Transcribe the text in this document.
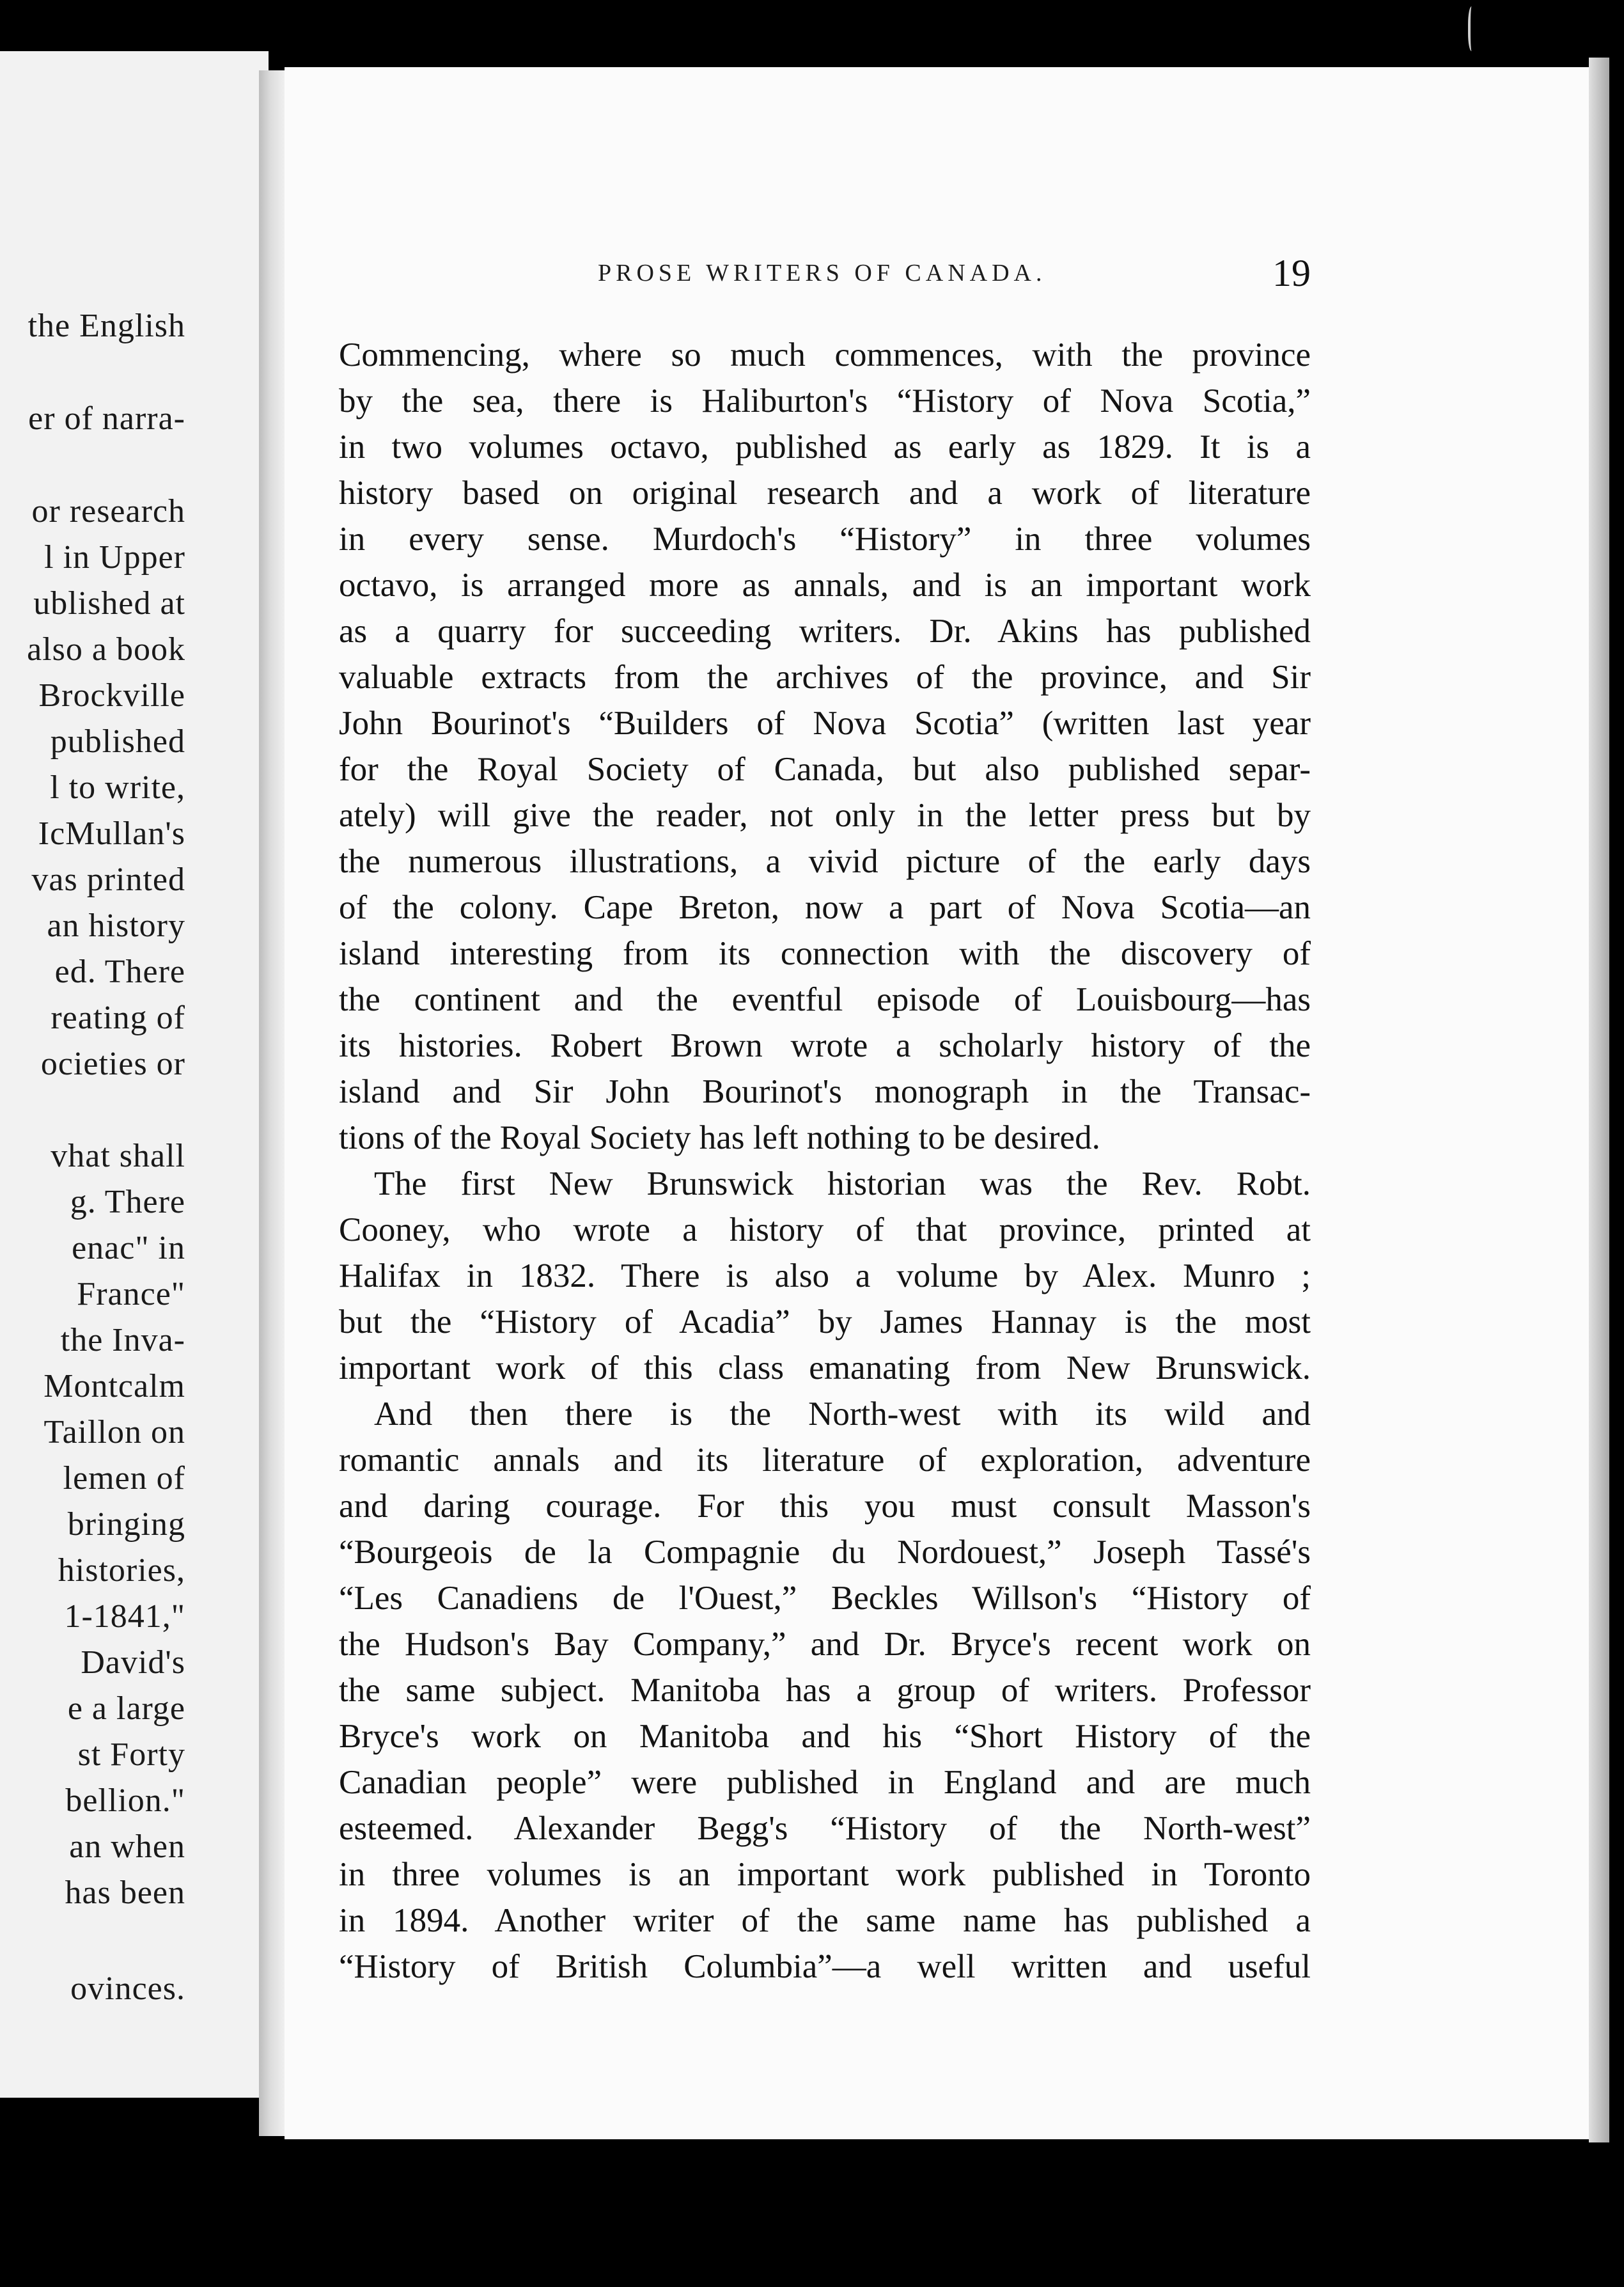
the English
er of narra-
or research
l in Upper
ublished at
also a book
Brockville
published
l to write,
IcMullan's
vas printed
an history
ed. There
reating of
ocieties or
vhat shall
g. There
enac" in
France"
the Inva-
Montcalm
Taillon on
lemen of
bringing
histories,
1-1841,"
David's
e a large
st Forty
bellion."
an when
has been
ovinces.
PROSE WRITERS OF CANADA.	19
Commencing, where so much commences, with the province
by the sea, there is Haliburton's “History of Nova Scotia,”
in two volumes octavo, published as early as 1829. It is a
history based on original research and a work of literature
in every sense. Murdoch's “History” in three volumes
octavo, is arranged more as annals, and is an important work
as a quarry for succeeding writers. Dr. Akins has published
valuable extracts from the archives of the province, and Sir
John Bourinot's “Builders of Nova Scotia” (written last year
for the Royal Society of Canada, but also published separ-
ately) will give the reader, not only in the letter press but by
the numerous illustrations, a vivid picture of the early days
of the colony. Cape Breton, now a part of Nova Scotia—an
island interesting from its connection with the discovery of
the continent and the eventful episode of Louisbourg—has
its histories. Robert Brown wrote a scholarly history of the
island and Sir John Bourinot's monograph in the Transac-
tions of the Royal Society has left nothing to be desired.
The first New Brunswick historian was the Rev. Robt.
Cooney, who wrote a history of that province, printed at
Halifax in 1832. There is also a volume by Alex. Munro ;
but the “History of Acadia” by James Hannay is the most
important work of this class emanating from New Brunswick.
And then there is the North-west with its wild and
romantic annals and its literature of exploration, adventure
and daring courage. For this you must consult Masson's
“Bourgeois de la Compagnie du Nordouest,” Joseph Tassé's
“Les Canadiens de l'Ouest,” Beckles Willson's “History of
the Hudson's Bay Company,” and Dr. Bryce's recent work on
the same subject. Manitoba has a group of writers. Professor
Bryce's work on Manitoba and his “Short History of the
Canadian people” were published in England and are much
esteemed. Alexander Begg's “History of the North-west”
in three volumes is an important work published in Toronto
in 1894. Another writer of the same name has published a
“History of British Columbia”—a well written and useful
